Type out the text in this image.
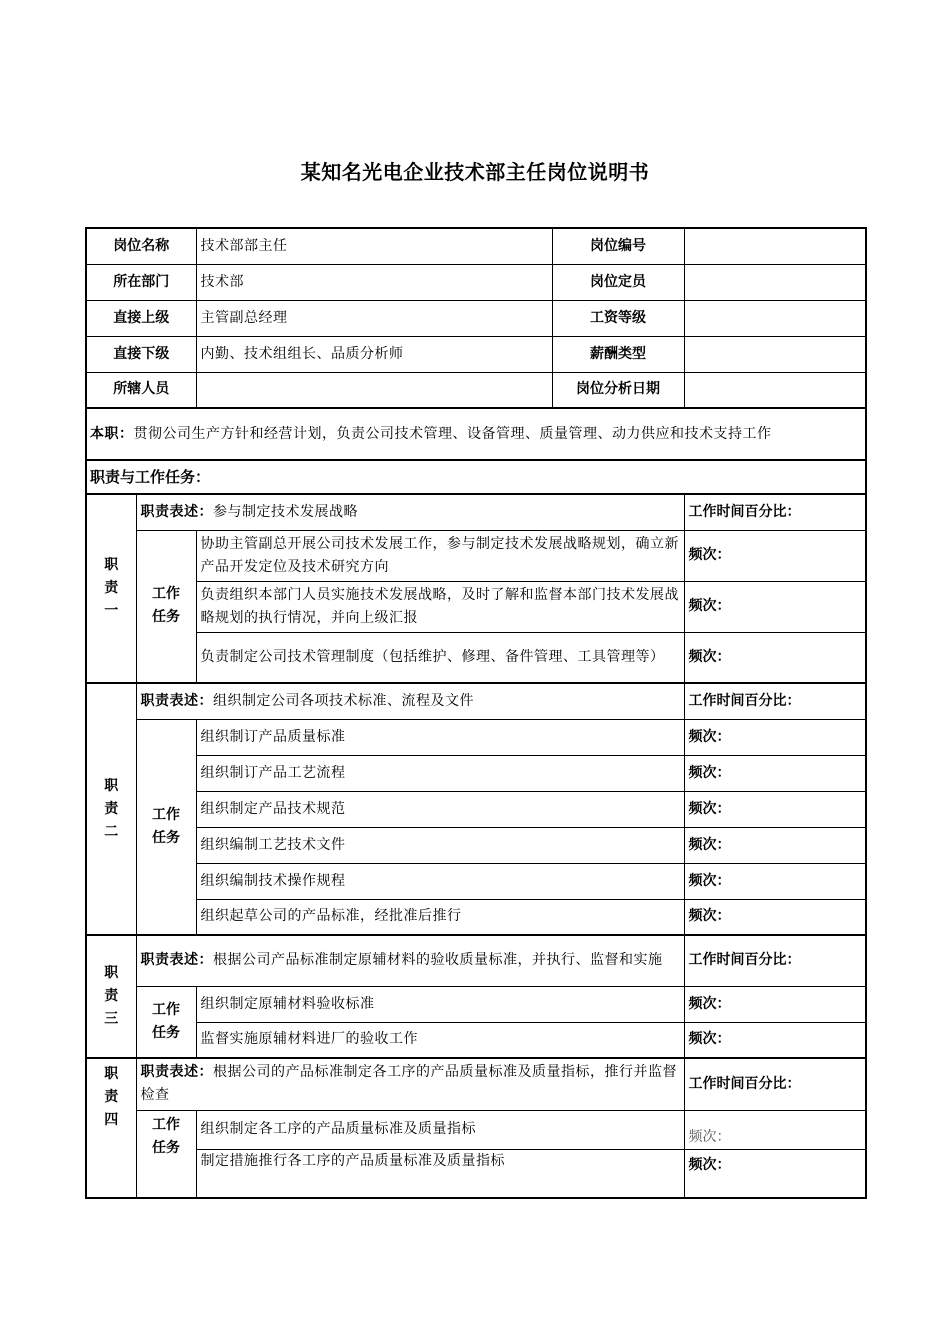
某知名光电企业技术部主任岗位说明书
岗位名称		技术部部主任	岗位编号	
所在部门		技术部	岗位定员	
直接上级		主管副总经理	工资等级	
直接下级		内勤、技术组组长、品质分析师	薪酬类型	
所辖人员			岗位分析日期	
本职：贯彻公司生产方针和经营计划，负责公司技术管理、设备管理、质量管理、动力供应和技术支持工作				
职责与工作任务：				
职
责
一	职责表述：参与制定技术发展战略			工作时间百分比：
	工作
任务	协助主管副总开展公司技术发展工作，参与制定技术发展战略规划，确立新产品开发定位及技术研究方向		频次：
		负责组织本部门人员实施技术发展战略，及时了解和监督本部门技术发展战略规划的执行情况，并向上级汇报		频次：
		负责制定公司技术管理制度（包括维护、修理、备件管理、工具管理等）		频次：
职
责
二	职责表述：组织制定公司各项技术标准、流程及文件			工作时间百分比：
	工作
任务	组织制订产品质量标准		频次：
		组织制订产品工艺流程		频次：
		组织制定产品技术规范		频次：
		组织编制工艺技术文件		频次：
		组织编制技术操作规程		频次：
		组织起草公司的产品标准，经批准后推行		频次：
职
责
三	职责表述：根据公司产品标准制定原辅材料的验收质量标准，并执行、监督和实施			工作时间百分比：
	工作
任务	组织制定原辅材料验收标准		频次：
		监督实施原辅材料进厂的验收工作		频次：
职
责
四	职责表述：根据公司的产品标准制定各工序的产品质量标准及质量指标，推行并监督检查			工作时间百分比：
	工作
任务	组织制定各工序的产品质量标准及质量指标		频次：
		制定措施推行各工序的产品质量标准及质量指标		频次：
